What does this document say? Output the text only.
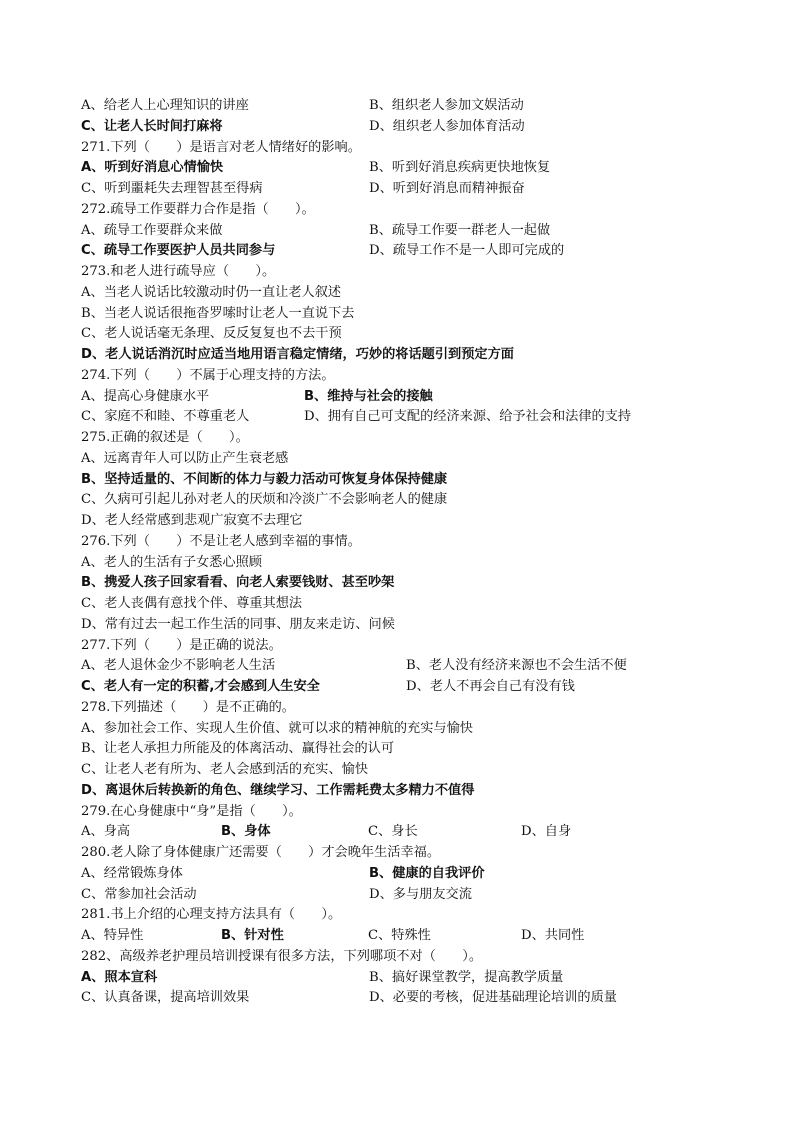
A、给老人上心理知识的讲座	B、组织老人参加文娱活动
C、让老人长时间打麻将	D、组织老人参加体育活动
271.下列（　　）是语言对老人情绪好的影响。
A、听到好消息心情愉快	B、听到好消息疾病更快地恢复
C、听到噩耗失去理智甚至得病	D、听到好消息而精神振奋
272.疏导工作要群力合作是指（　　）。
A、疏导工作要群众来做	B、疏导工作要一群老人一起做
C、疏导工作要医护人员共同参与	D、疏导工作不是一人即可完成的
273.和老人进行疏导应（　　）。
A、当老人说话比较激动时仍一直让老人叙述
B、当老人说话很拖沓罗嗦时让老人一直说下去
C、老人说话毫无条理、反反复复也不去干预
D、老人说话消沉时应适当地用语言稳定情绪，巧妙的将话题引到预定方面
274.下列（　　）不属于心理支持的方法。
A、提高心身健康水平	B、维持与社会的接触
C、家庭不和睦、不尊重老人	D、拥有自己可支配的经济来源、给予社会和法律的支持
275.正确的叙述是（　　）。
A、远离青年人可以防止产生衰老感
B、坚持适量的、不间断的体力与毅力活动可恢复身体保持健康
C、久病可引起儿孙对老人的厌烦和冷淡广不会影响老人的健康
D、老人经常感到悲观广寂寞不去理它
276.下列（　　）不是让老人感到幸福的事情。
A、老人的生活有子女悉心照顾
B、携爱人孩子回家看看、向老人索要钱财、甚至吵架
C、老人丧偶有意找个伴、尊重其想法
D、常有过去一起工作生活的同事、朋友来走访、问候
277.下列（　　）是正确的说法。
A、老人退休金少不影响老人生活	B、老人没有经济来源也不会生活不便
C、老人有一定的积蓄,才会感到人生安全	D、老人不再会自己有没有钱
278.下列描述（　　）是不正确的。
A、参加社会工作、实现人生价值、就可以求的精神航的充实与愉快
B、让老人承担力所能及的体离活动、赢得社会的认可
C、让老人老有所为、老人会感到活的充实、愉快
D、离退休后转换新的角色、继续学习、工作需耗费太多精力不值得
279.在心身健康中“身”是指（　　）。
A、身高	B、身体	C、身长	D、自身
280.老人除了身体健康广还需要（　　）才会晚年生活幸福。
A、经常锻炼身体	B、健康的自我评价
C、常参加社会活动	D、多与朋友交流
281.书上介绍的心理支持方法具有（　　）。
A、特异性	B、针对性	C、特殊性	D、共同性
282、高级养老护理员培训授课有很多方法，下列哪项不对（　　）。
A、照本宣科	B、搞好课堂教学，提高教学质量
C、认真备课，提高培训效果	D、必要的考核，促进基础理论培训的质量
